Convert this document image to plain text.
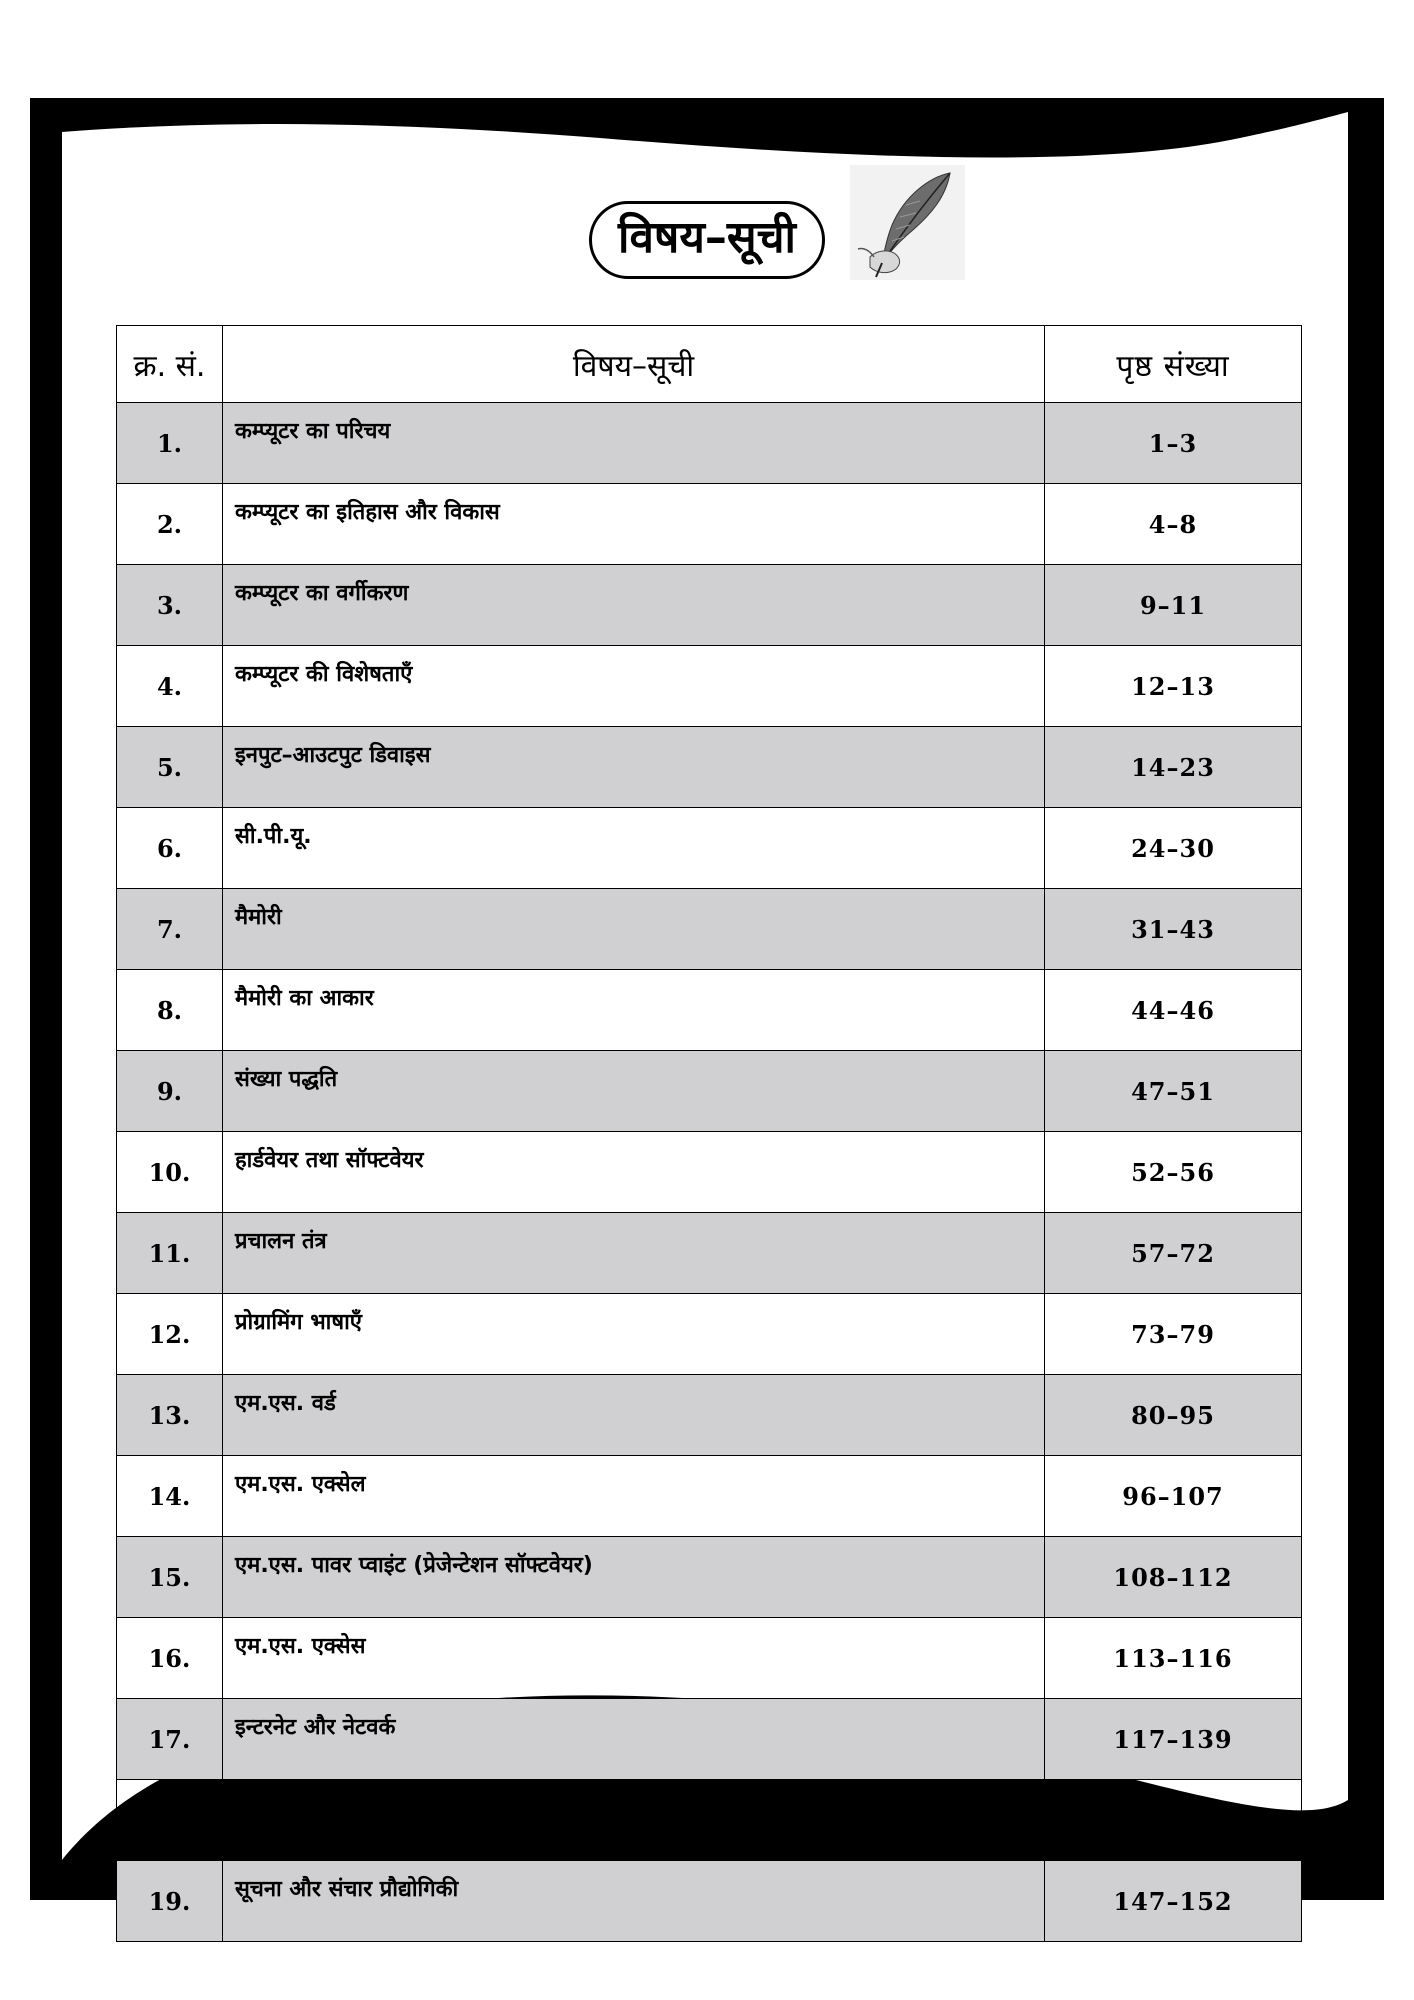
विषय–सूची
क्र. सं.	विषय–सूची	पृष्ठ संख्या
1.	कम्प्यूटर का परिचय	1–3
2.	कम्प्यूटर का इतिहास और विकास	4–8
3.	कम्प्यूटर का वर्गीकरण	9–11
4.	कम्प्यूटर की विशेषताएँ	12–13
5.	इनपुट–आउटपुट डिवाइस	14–23
6.	सी.पी.यू.	24–30
7.	मैमोरी	31–43
8.	मैमोरी का आकार	44–46
9.	संख्या पद्धति	47–51
10.	हार्डवेयर तथा सॉफ्टवेयर	52–56
11.	प्रचालन तंत्र	57–72
12.	प्रोग्रामिंग भाषाएँ	73–79
13.	एम.एस. वर्ड	80–95
14.	एम.एस. एक्सेल	96–107
15.	एम.एस. पावर प्वाइंट (प्रेजेन्टेशन सॉफ्टवेयर)	108–112
16.	एम.एस. एक्सेस	113–116
17.	इन्टरनेट और नेटवर्क	117–139
18.	डाटा सुरक्षा एवं फायरवाल्स	140–146
19.	सूचना और संचार प्रौद्योगिकी	147–152
